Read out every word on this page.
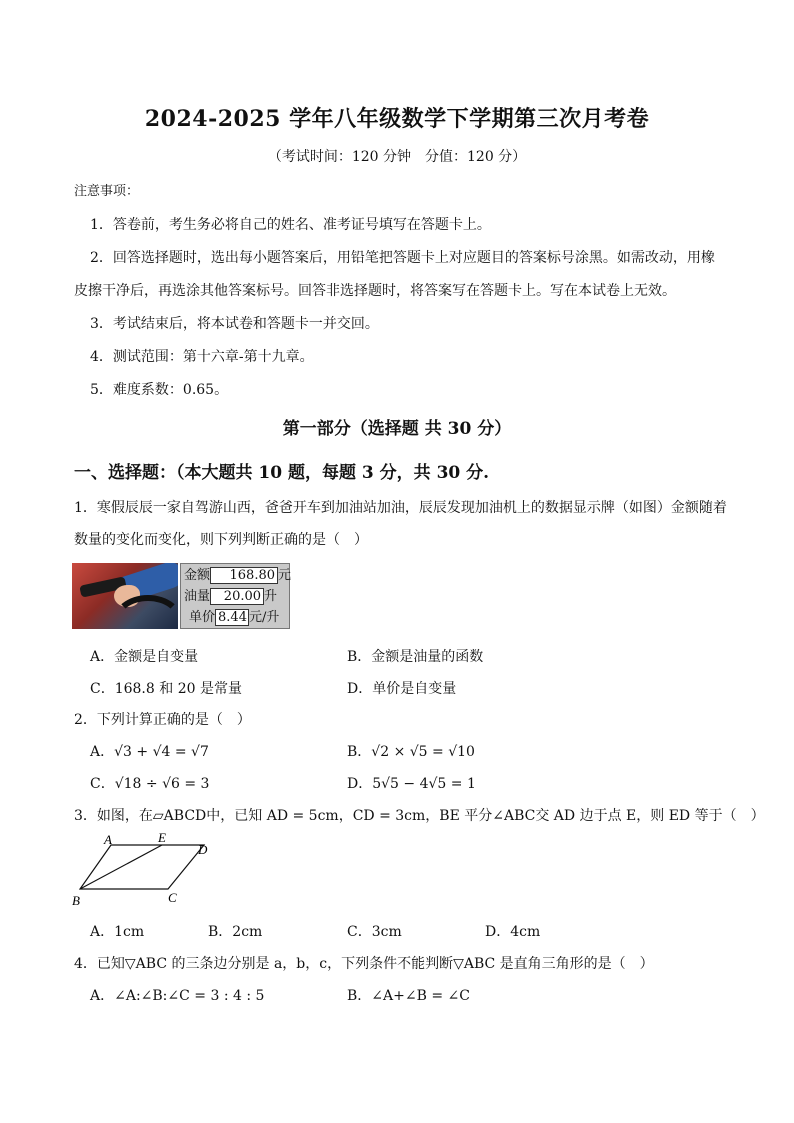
2024-2025 学年八年级数学下学期第三次月考卷
（考试时间：120 分钟　分值：120 分）
注意事项：
1．答卷前，考生务必将自己的姓名、准考证号填写在答题卡上。
2．回答选择题时，选出每小题答案后，用铅笔把答题卡上对应题目的答案标号涂黑。如需改动，用橡
皮擦干净后，再选涂其他答案标号。回答非选择题时，将答案写在答题卡上。写在本试卷上无效。
3．考试结束后，将本试卷和答题卡一并交回。
4．测试范围：第十六章-第十九章。
5．难度系数：0.65。
第一部分（选择题 共 30 分）
一、选择题：（本大题共 10 题，每题 3 分，共 30 分.
1．寒假辰辰一家自驾游山西，爸爸开车到加油站加油，辰辰发现加油机上的数据显示牌（如图）金额随着
数量的变化而变化，则下列判断正确的是（　）
金额 168.80 元
油量 20.00 升
单价 8.44 元/升
A．金额是自变量	B．金额是油量的函数
C．168.8 和 20 是常量	D．单价是自变量
2．下列计算正确的是（　）
A．√3 + √4 = √7	B．√2 × √5 = √10
C．√18 ÷ √6 = 3	D．5√5 − 4√5 = 1
3．如图，在▱ABCD中，已知 AD = 5cm，CD = 3cm，BE 平分∠ABC交 AD 边于点 E，则 ED 等于（　）
A	E
D
B	C
A．1cm	B．2cm	C．3cm	D．4cm
4．已知▽ABC 的三条边分别是 a，b，c，下列条件不能判断▽ABC 是直角三角形的是（　）
A．∠A:∠B:∠C = 3 : 4 : 5	B．∠A+∠B = ∠C
